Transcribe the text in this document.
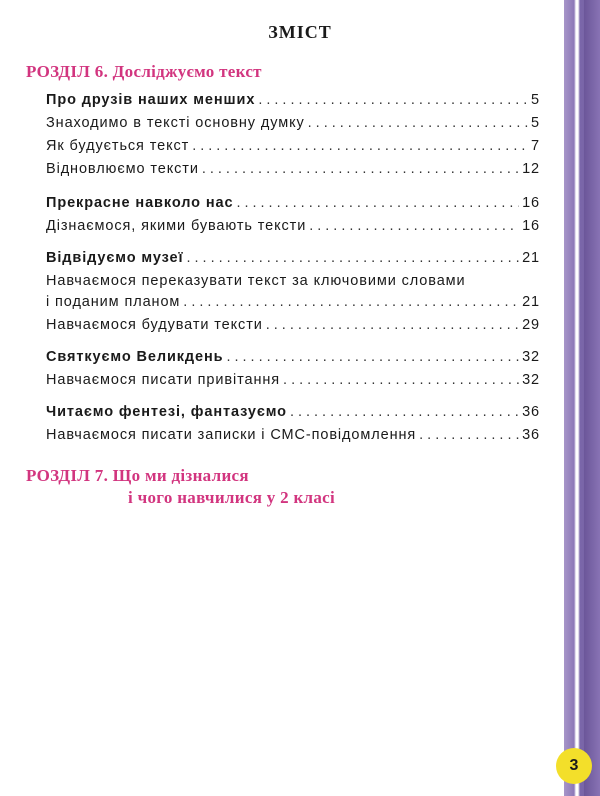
ЗМІСТ
РОЗДІЛ 6. Досліджуємо текст
Про друзів наших менших .....	5
Знаходимо в тексті основну думку .....	5
Як будується текст .....	7
Відновлюємо тексти .....	12
Прекрасне навколо нас .....	16
Дізнаємося, якими бувають тексти .....	16
Відвідуємо музеї .....	21
Навчаємося переказувати текст за ключовими словами
і поданим планом .....	21
Навчаємося будувати тексти .....	29
Святкуємо Великдень .....	32
Навчаємося писати привітання .....	32
Читаємо фентезі, фантазуємо .....	36
Навчаємося писати записки і СМС-повідомлення .....	36
РОЗДІЛ 7. Що ми дізналися
і чого навчилися у 2 класі
3
